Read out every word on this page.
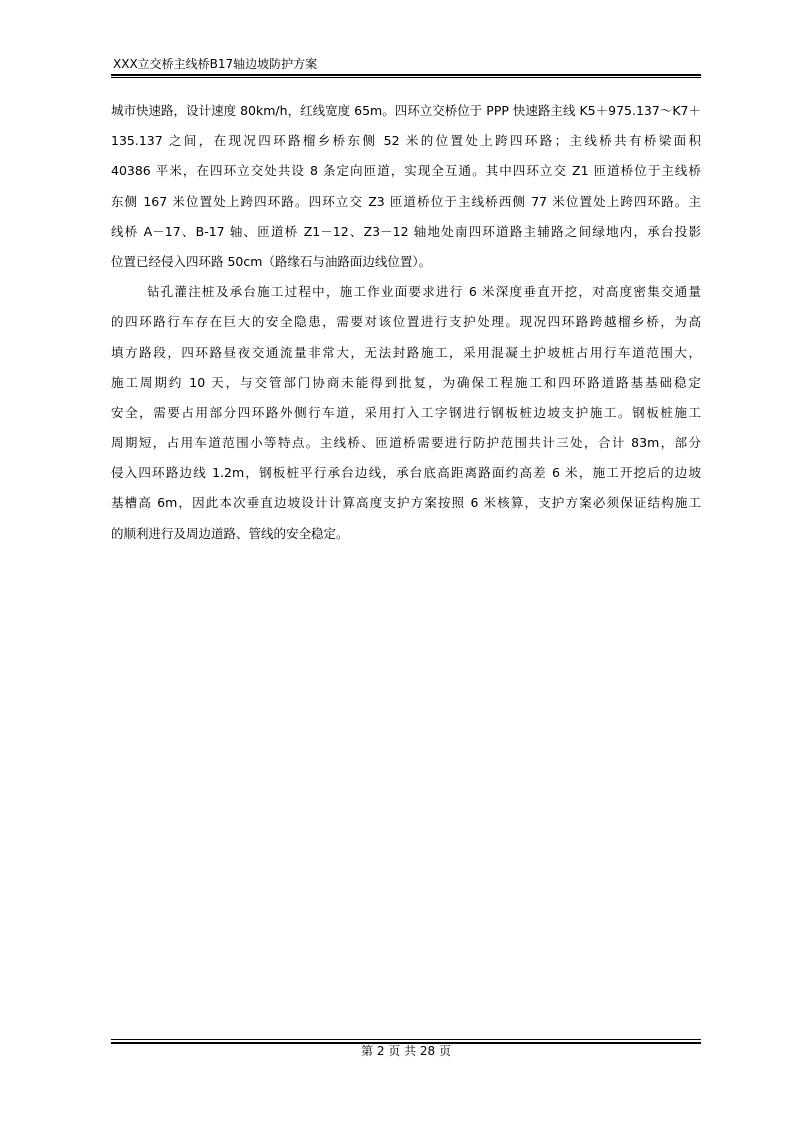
XXX立交桥主线桥B17轴边坡防护方案
城市快速路，设计速度 80km/h，红线宽度 65m。四环立交桥位于 PPP 快速路主线 K5＋975.137～K7＋
135.137 之间，在现况四环路榴乡桥东侧 52 米的位置处上跨四环路；主线桥共有桥梁面积
40386 平米，在四环立交处共设 8 条定向匝道，实现全互通。其中四环立交 Z1 匝道桥位于主线桥
东侧 167 米位置处上跨四环路。四环立交 Z3 匝道桥位于主线桥西侧 77 米位置处上跨四环路。主
线桥 A－17、B-17 轴、匝道桥 Z1－12、Z3－12 轴地处南四环道路主辅路之间绿地内，承台投影
位置已经侵入四环路 50cm（路缘石与油路面边线位置）。
钻孔灌注桩及承台施工过程中，施工作业面要求进行 6 米深度垂直开挖，对高度密集交通量
的四环路行车存在巨大的安全隐患，需要对该位置进行支护处理。现况四环路跨越榴乡桥，为高
填方路段，四环路昼夜交通流量非常大，无法封路施工，采用混凝土护坡桩占用行车道范围大，
施工周期约 10 天，与交管部门协商未能得到批复，为确保工程施工和四环路道路基基础稳定
安全，需要占用部分四环路外侧行车道，采用打入工字钢进行钢板桩边坡支护施工。钢板桩施工
周期短，占用车道范围小等特点。主线桥、匝道桥需要进行防护范围共计三处，合计 83m，部分
侵入四环路边线 1.2m，钢板桩平行承台边线，承台底高距离路面约高差 6 米，施工开挖后的边坡
基槽高 6m，因此本次垂直边坡设计计算高度支护方案按照 6 米核算，支护方案必须保证结构施工
的顺利进行及周边道路、管线的安全稳定。
第 2 页 共 28 页
